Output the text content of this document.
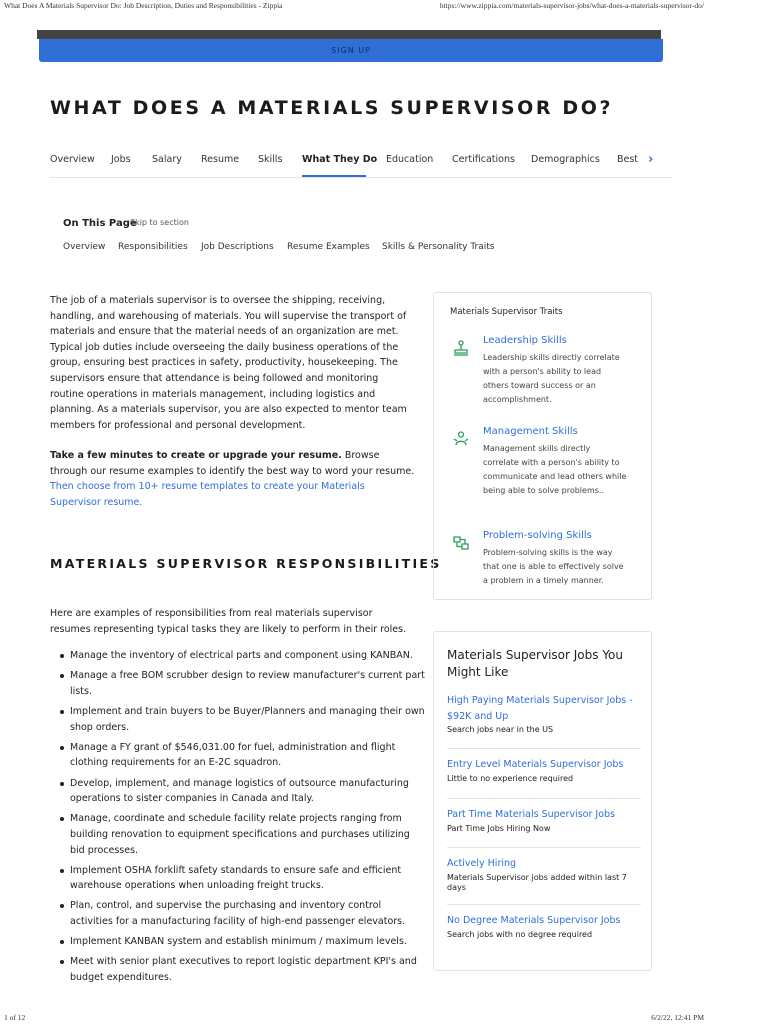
What Does A Materials Supervisor Do: Job Description, Duties and Responsibilities - Zippia	https://www.zippia.com/materials-supervisor-jobs/what-does-a-materials-supervisor-do/
SIGN UP
WHAT DOES A MATERIALS SUPERVISOR DO?
Overview Jobs Salary Resume Skills What They Do Education Certifications Demographics Best ›
On This Page
Skip to section
Overview Responsibilities Job Descriptions Resume Examples Skills & Personality Traits

The job of a materials supervisor is to oversee the shipping, receiving, handling, and warehousing of materials. You will supervise the transport of materials and ensure that the material needs of an organization are met. Typical job duties include overseeing the daily business operations of the group, ensuring best practices in safety, productivity, housekeeping. The supervisors ensure that attendance is being followed and monitoring routine operations in materials management, including logistics and planning. As a materials supervisor, you are also expected to mentor team members for professional and personal development.

Take a few minutes to create or upgrade your resume. Browse through our resume examples to identify the best way to word your resume. Then choose from 10+ resume templates to create your Materials Supervisor resume.

MATERIALS SUPERVISOR RESPONSIBILITIES

Here are examples of responsibilities from real materials supervisor resumes representing typical tasks they are likely to perform in their roles.

Manage the inventory of electrical parts and component using KANBAN.
Manage a free BOM scrubber design to review manufacturer's current part lists.
Implement and train buyers to be Buyer/Planners and managing their own shop orders.
Manage a FY grant of $546,031.00 for fuel, administration and flight clothing requirements for an E-2C squadron.
Develop, implement, and manage logistics of outsource manufacturing operations to sister companies in Canada and Italy.
Manage, coordinate and schedule facility relate projects ranging from building renovation to equipment specifications and purchases utilizing bid processes.
Implement OSHA forklift safety standards to ensure safe and efficient warehouse operations when unloading freight trucks.
Plan, control, and supervise the purchasing and inventory control activities for a manufacturing facility of high-end passenger elevators.
Implement KANBAN system and establish minimum / maximum levels.
Meet with senior plant executives to report logistic department KPI's and budget expenditures.
Materials Supervisor Traits
Leadership Skills
Leadership skills directly correlate with a person's ability to lead others toward success or an accomplishment.
Management Skills
Management skills directly correlate with a person's ability to communicate and lead others while being able to solve problems..
Problem-solving Skills
Problem-solving skills is the way that one is able to effectively solve a problem in a timely manner.
Materials Supervisor Jobs You Might Like
High Paying Materials Supervisor Jobs - $92K and Up
Search jobs near in the US
Entry Level Materials Supervisor Jobs
Little to no experience required
Part Time Materials Supervisor Jobs
Part Time Jobs Hiring Now
Actively Hiring
Materials Supervisor jobs added within last 7 days
No Degree Materials Supervisor Jobs
Search jobs with no degree required
1 of 12	6/2/22, 12:41 PM
